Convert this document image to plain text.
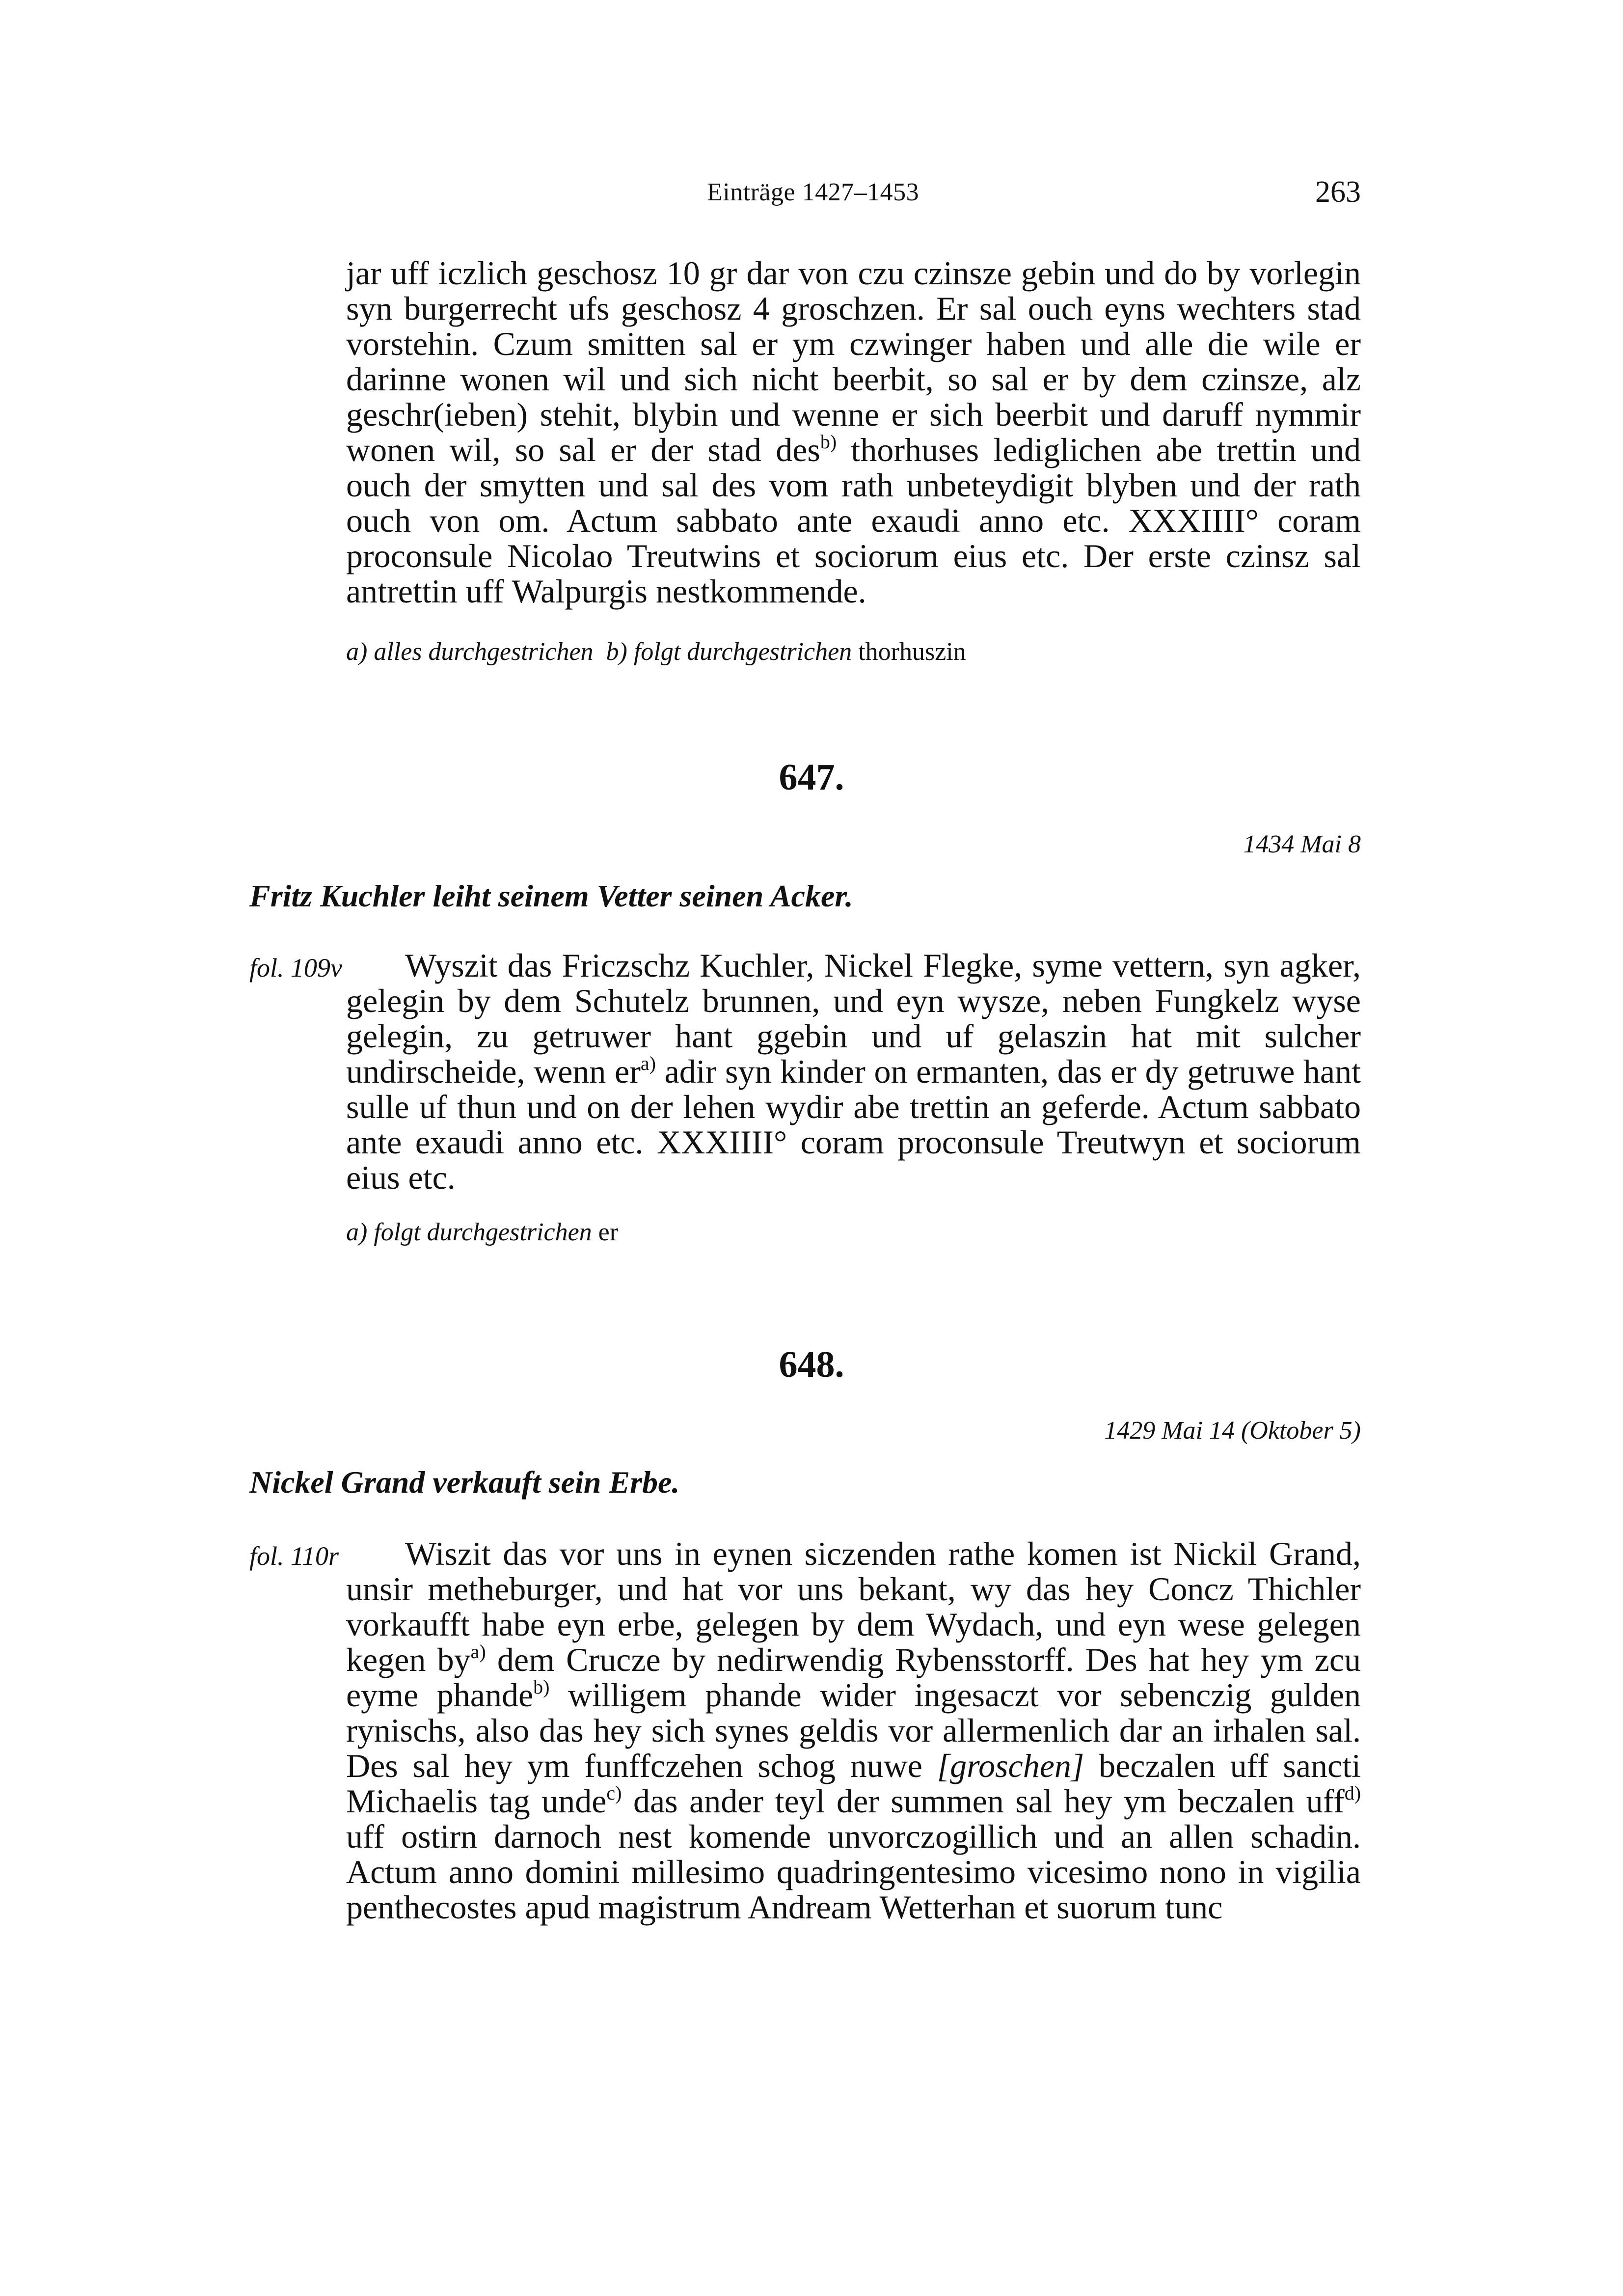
Einträge 1427–1453	263

jar uff iczlich geschosz 10 gr dar von czu czinsze gebin und do by vorlegin syn burgerrecht ufs geschosz 4 groschzen. Er sal ouch eyns wechters stad vorstehin. Czum smitten sal er ym czwinger haben und alle die wile er darinne wonen wil und sich nicht beerbit, so sal er by dem czinsze, alz geschr(ieben) stehit, blybin und wenne er sich beerbit und daruff nymmir wonen wil, so sal er der stad des$^{b)}$ thorhuses lediglichen abe trettin und ouch der smytten und sal des vom rath unbeteydigit blyben und der rath ouch von om. Actum sabbato ante exaudi anno etc. XXXIIII° coram proconsule Nicolao Treutwins et sociorum eius etc. Der erste czinsz sal antrettin uff Walpurgis nestkommende.

a) alles durchgestrichen b) folgt durchgestrichen thorhuszin
647.
1434 Mai 8
Fritz Kuchler leiht seinem Vetter seinen Acker.
fol. 109v	Wyszit das Friczschz Kuchler, Nickel Flegke, syme vettern, syn agker, gelegin by dem Schutelz brunnen, und eyn wysze, neben Fungkelz wyse gelegin, zu getruwer hant ggebin und uf gelaszin hat mit sulcher undirscheide, wenn $er^{a)}$ adir syn kinder on ermanten, das er dy getruwe hant sulle uf thun und on der lehen wydir abe trettin an geferde. Actum sabbato ante exaudi anno etc. XXXIIII° coram proconsule Treutwyn et sociorum eius etc.

a) folgt durchgestrichen er
648.
1429 Mai 14 (Oktober 5)
Nickel Grand verkauft sein Erbe.
fol. 110r	Wiszit das vor uns in eynen siczenden rathe komen ist Nickil Grand, unsir metheburger, und hat vor uns bekant, wy das hey Concz Thichler vorkaufft habe eyn erbe, gelegen by dem Wydach, und eyn wese gelegen kegen $by^{a)}$ dem Crucze by nedirwendig Rybensstorff. Des hat hey ym zcu eyme phande$^{b)}$ willigem phande wider ingesaczt vor sebenczig gulden rynischs, also das hey sich synes geldis vor allermenlich dar an irhalen sal. Des sal hey ym funffczehen schog nuwe [groschen] beczalen uff sancti Michaelis tag unde$^{c)}$ das ander teyl der summen sal hey ym beczalen uff$^{d)}$ uff ostirn darnoch nest komende unvorczogillich und an allen schadin. Actum anno domini millesimo quadringentesimo vicesimo nono in vigilia penthecostes apud magistrum Andream Wetterhan et suorum tunc
